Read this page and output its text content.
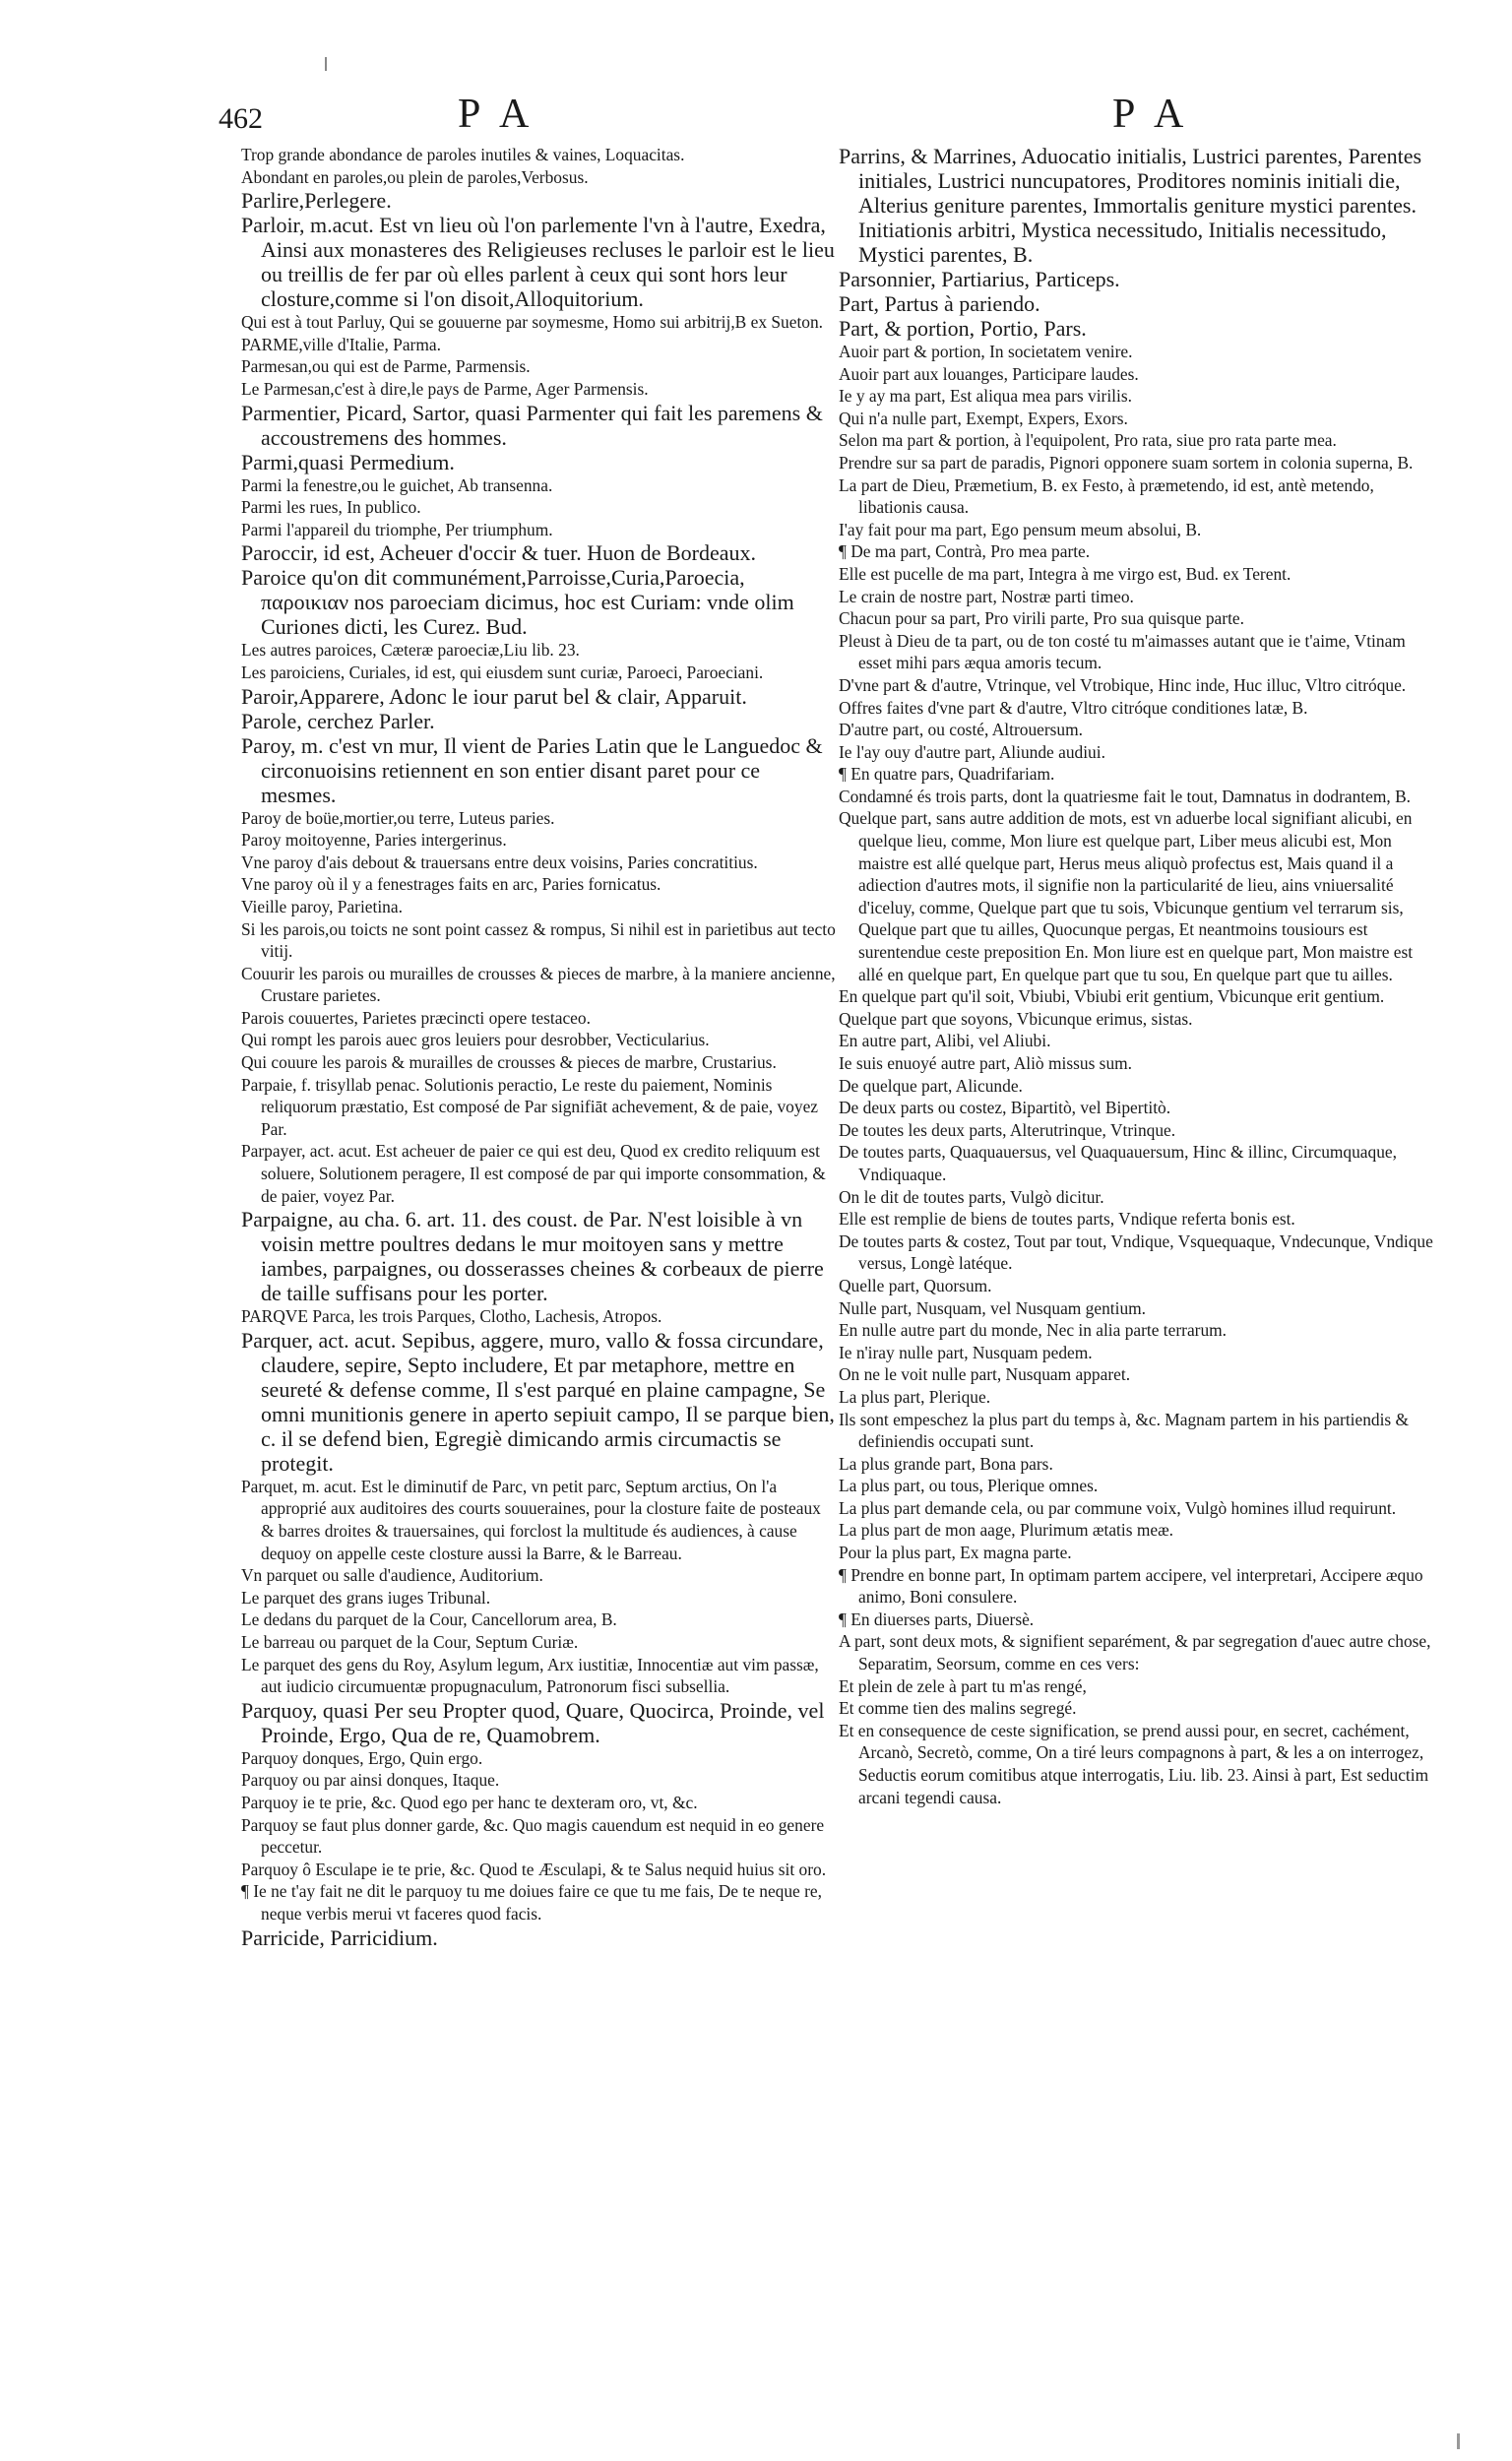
462	P A	P A

Trop grande abondance de paroles inutiles & vaines, Loquacitas.

Abondant en paroles,ou plein de paroles,Verbosus.

Parlire,Perlegere.

Parloir, m.acut. Est vn lieu où l'on parlemente l'vn à l'autre, Exedra, Ainsi aux monasteres des Religieuses recluses le parloir est le lieu ou treillis de fer par où elles parlent à ceux qui sont hors leur closture,comme si l'on disoit,Alloquitorium.

Qui est à tout Parluy, Qui se gouuerne par soymesme, Homo sui arbitrij,B ex Sueton.

PARME,ville d'Italie, Parma.

Parmesan,ou qui est de Parme, Parmensis.

Le Parmesan,c'est à dire,le pays de Parme, Ager Parmensis.

Parmentier, Picard, Sartor, quasi Parmenter qui fait les paremens & accoustremens des hommes.

Parmi,quasi Permedium.

Parmi la fenestre,ou le guichet, Ab transenna.

Parmi les rues, In publico.

Parmi l'appareil du triomphe, Per triumphum.

Paroccir, id est, Acheuer d'occir & tuer. Huon de Bordeaux.

Paroice qu'on dit communément,Parroisse,Curia,Paroecia, παροικιαν nos paroeciam dicimus, hoc est Curiam: vnde olim Curiones dicti, les Curez. Bud.

Les autres paroices, Cæteræ paroeciæ,Liu lib. 23.

Les paroiciens, Curiales, id est, qui eiusdem sunt curiæ, Paroeci, Paroeciani.

Paroir,Apparere, Adonc le iour parut bel & clair, Apparuit.

Parole, cerchez Parler.

Paroy, m. c'est vn mur, Il vient de Paries Latin que le Languedoc & circonuoisins retiennent en son entier disant paret pour ce mesmes.

Paroy de boüe,mortier,ou terre, Luteus paries.

Paroy moitoyenne, Paries intergerinus.

Vne paroy d'ais debout & trauersans entre deux voisins, Paries concratitius.

Vne paroy où il y a fenestrages faits en arc, Paries fornicatus.

Vieille paroy, Parietina.

Si les parois,ou toicts ne sont point cassez & rompus, Si nihil est in parietibus aut tecto vitij.

Couurir les parois ou murailles de crousses & pieces de marbre, à la maniere ancienne, Crustare parietes.

Parois couuertes, Parietes præcincti opere testaceo.

Qui rompt les parois auec gros leuiers pour desrobber, Vecticularius.

Qui couure les parois & murailles de crousses & pieces de marbre, Crustarius.

Parpaie, f. trisyllab penac. Solutionis peractio, Le reste du paiement, Nominis reliquorum præstatio, Est composé de Par signifiāt achevement, & de paie, voyez Par.

Parpayer, act. acut. Est acheuer de paier ce qui est deu, Quod ex credito reliquum est soluere, Solutionem peragere, Il est composé de par qui importe consommation, & de paier, voyez Par.

Parpaigne, au cha. 6. art. 11. des coust. de Par. N'est loisible à vn voisin mettre poultres dedans le mur moitoyen sans y mettre iambes, parpaignes, ou dosserasses cheines & corbeaux de pierre de taille suffisans pour les porter.

PARQVE Parca, les trois Parques, Clotho, Lachesis, Atropos.

Parquer, act. acut. Sepibus, aggere, muro, vallo & fossa circundare, claudere, sepire, Septo includere, Et par metaphore, mettre en seureté & defense comme, Il s'est parqué en plaine campagne, Se omni munitionis genere in aperto sepiuit campo, Il se parque bien, c. il se defend bien, Egregiè dimicando armis circumactis se protegit.

Parquet, m. acut. Est le diminutif de Parc, vn petit parc, Septum arctius, On l'a approprié aux auditoires des courts souueraines, pour la closture faite de posteaux & barres droites & trauersaines, qui forclost la multitude és audiences, à cause dequoy on appelle ceste closture aussi la Barre, & le Barreau.

Vn parquet ou salle d'audience, Auditorium.

Le parquet des grans iuges Tribunal.

Le dedans du parquet de la Cour, Cancellorum area, B.

Le barreau ou parquet de la Cour, Septum Curiæ.

Le parquet des gens du Roy, Asylum legum, Arx iustitiæ, Innocentiæ aut vim passæ, aut iudicio circumuentæ propugnaculum, Patronorum fisci subsellia.

Parquoy, quasi Per seu Propter quod, Quare, Quocirca, Proinde, vel Proinde, Ergo, Qua de re, Quamobrem.

Parquoy donques, Ergo, Quin ergo.

Parquoy ou par ainsi donques, Itaque.

Parquoy ie te prie, &c. Quod ego per hanc te dexteram oro, vt, &c.

Parquoy se faut plus donner garde, &c. Quo magis cauendum est nequid in eo genere peccetur.

Parquoy ô Esculape ie te prie, &c. Quod te Æsculapi, & te Salus nequid huius sit oro.

¶ Ie ne t'ay fait ne dit le parquoy tu me doiues faire ce que tu me fais, De te neque re, neque verbis merui vt faceres quod facis.

Parricide, Parricidium.

Parrins, & Marrines, Aduocatio initialis, Lustrici parentes, Parentes initiales, Lustrici nuncupatores, Proditores nominis initiali die, Alterius geniture parentes, Immortalis geniture mystici parentes. Initiationis arbitri, Mystica necessitudo, Initialis necessitudo, Mystici parentes, B.

Parsonnier, Partiarius, Particeps.

Part, Partus à pariendo.

Part, & portion, Portio, Pars.

Auoir part & portion, In societatem venire.

Auoir part aux louanges, Participare laudes.

Ie y ay ma part, Est aliqua mea pars virilis.

Qui n'a nulle part, Exempt, Expers, Exors.

Selon ma part & portion, à l'equipolent, Pro rata, siue pro rata parte mea.

Prendre sur sa part de paradis, Pignori opponere suam sortem in colonia superna, B.

La part de Dieu, Præmetium, B. ex Festo, à præmetendo, id est, antè metendo, libationis causa.

I'ay fait pour ma part, Ego pensum meum absolui, B.

¶ De ma part, Contrà, Pro mea parte.

Elle est pucelle de ma part, Integra à me virgo est, Bud. ex Terent.

Le crain de nostre part, Nostræ parti timeo.

Chacun pour sa part, Pro virili parte, Pro sua quisque parte.

Pleust à Dieu de ta part, ou de ton costé tu m'aimasses autant que ie t'aime, Vtinam esset mihi pars æqua amoris tecum.

D'vne part & d'autre, Vtrinque, vel Vtrobique, Hinc inde, Huc illuc, Vltro citróque.

Offres faites d'vne part & d'autre, Vltro citróque conditiones latæ, B.

D'autre part, ou costé, Altrouersum.

Ie l'ay ouy d'autre part, Aliunde audiui.

¶ En quatre pars, Quadrifariam.

Condamné és trois parts, dont la quatriesme fait le tout, Damnatus in dodrantem, B.

Quelque part, sans autre addition de mots, est vn aduerbe local signifiant alicubi, en quelque lieu, comme, Mon liure est quelque part, Liber meus alicubi est, Mon maistre est allé quelque part, Herus meus aliquò profectus est, Mais quand il a adiection d'autres mots, il signifie non la particularité de lieu, ains vniuersalité d'iceluy, comme, Quelque part que tu sois, Vbicunque gentium vel terrarum sis, Quelque part que tu ailles, Quocunque pergas, Et neantmoins tousiours est surentendue ceste preposition En. Mon liure est en quelque part, Mon maistre est allé en quelque part, En quelque part que tu sou, En quelque part que tu ailles.

En quelque part qu'il soit, Vbiubi, Vbiubi erit gentium, Vbicunque erit gentium.

Quelque part que soyons, Vbicunque erimus, sistas.

En autre part, Alibi, vel Aliubi.

Ie suis enuoyé autre part, Aliò missus sum.

De quelque part, Alicunde.

De deux parts ou costez, Bipartitò, vel Bipertitò.

De toutes les deux parts, Alterutrinque, Vtrinque.

De toutes parts, Quaquauersus, vel Quaquauersum, Hinc & illinc, Circumquaque, Vndiquaque.

On le dit de toutes parts, Vulgò dicitur.

Elle est remplie de biens de toutes parts, Vndique referta bonis est.

De toutes parts & costez, Tout par tout, Vndique, Vsquequaque, Vndecunque, Vndique versus, Longè latéque.

Quelle part, Quorsum.

Nulle part, Nusquam, vel Nusquam gentium.

En nulle autre part du monde, Nec in alia parte terrarum.

Ie n'iray nulle part, Nusquam pedem.

On ne le voit nulle part, Nusquam apparet.

La plus part, Plerique.

Ils sont empeschez la plus part du temps à, &c. Magnam partem in his partiendis & definiendis occupati sunt.

La plus grande part, Bona pars.

La plus part, ou tous, Plerique omnes.

La plus part demande cela, ou par commune voix, Vulgò homines illud requirunt.

La plus part de mon aage, Plurimum ætatis meæ.

Pour la plus part, Ex magna parte.

¶ Prendre en bonne part, In optimam partem accipere, vel interpretari, Accipere æquo animo, Boni consulere.

¶ En diuerses parts, Diuersè.

A part, sont deux mots, & signifient separément, & par segregation d'auec autre chose, Separatim, Seorsum, comme en ces vers:

Et plein de zele à part tu m'as rengé,

Et comme tien des malins segregé.

Et en consequence de ceste signification, se prend aussi pour, en secret, cachément, Arcanò, Secretò, comme, On a tiré leurs compagnons à part, & les a on interrogez, Seductis eorum comitibus atque interrogatis, Liu. lib. 23. Ainsi à part, Est seductim arcani tegendi causa.
